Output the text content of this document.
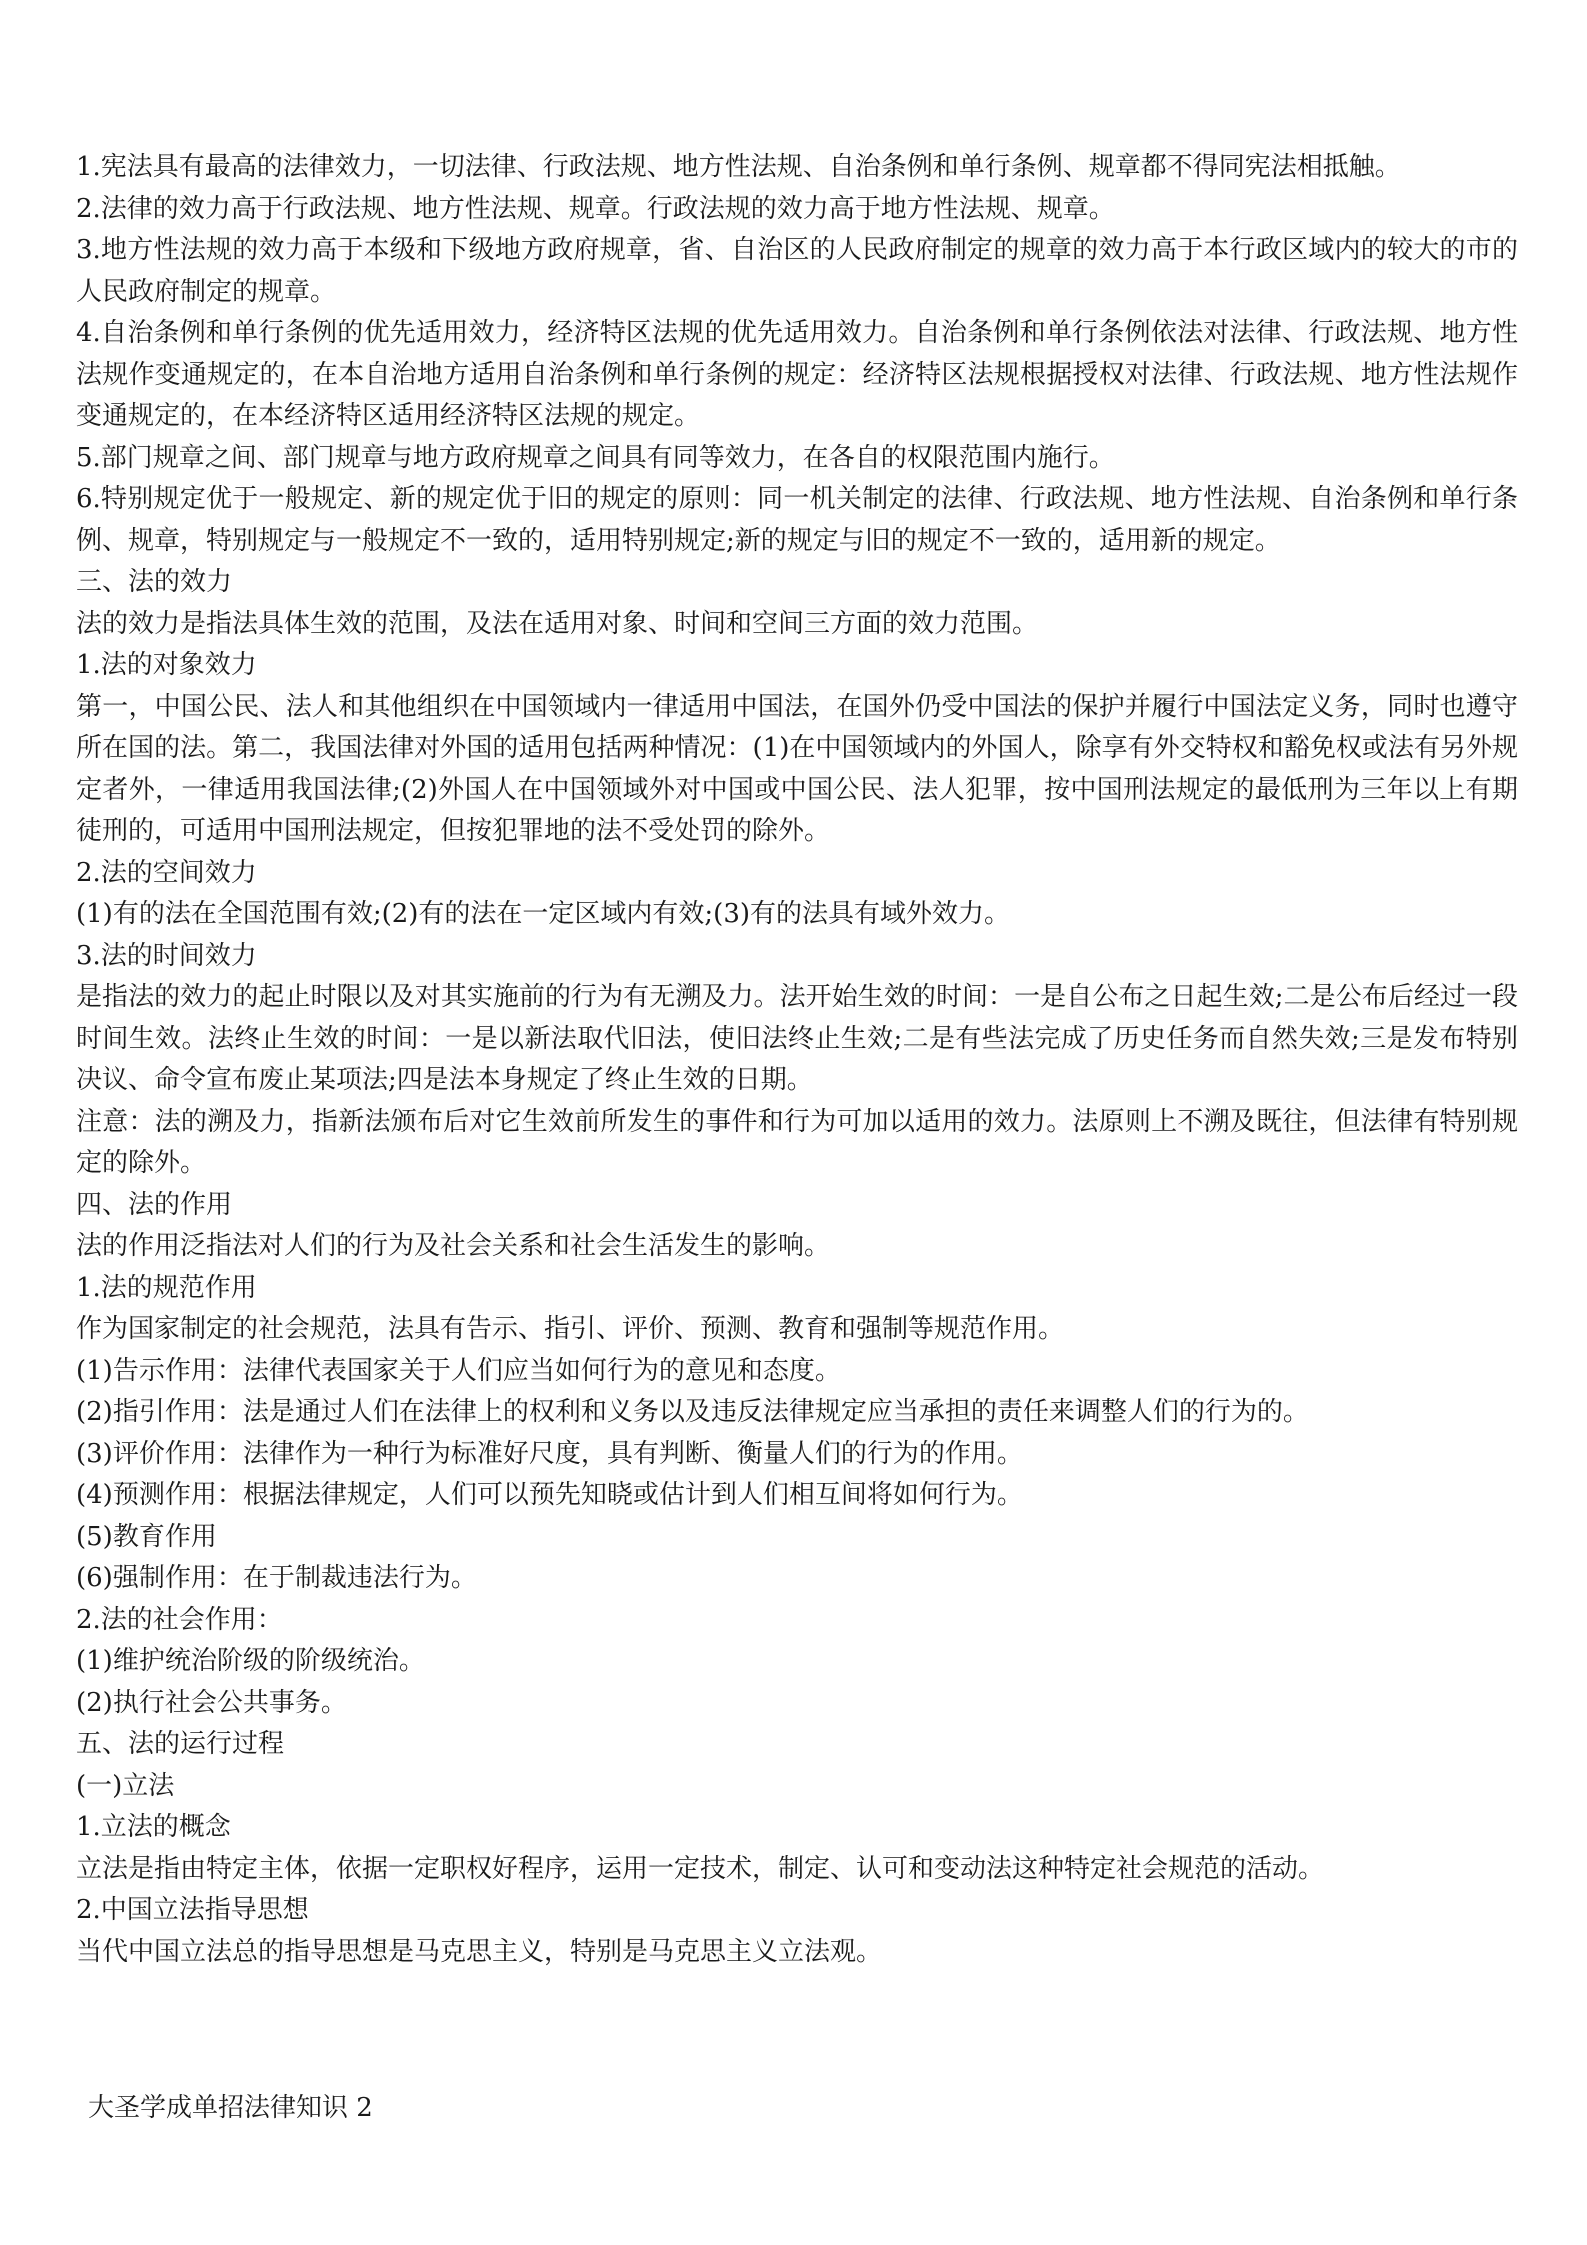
1.宪法具有最高的法律效力，一切法律、行政法规、地方性法规、自治条例和单行条例、规章都不得同宪法相抵触。

2.法律的效力高于行政法规、地方性法规、规章。行政法规的效力高于地方性法规、规章。

3.地方性法规的效力高于本级和下级地方政府规章，省、自治区的人民政府制定的规章的效力高于本行政区域内的较大的市的人民政府制定的规章。

4.自治条例和单行条例的优先适用效力，经济特区法规的优先适用效力。自治条例和单行条例依法对法律、行政法规、地方性法规作变通规定的，在本自治地方适用自治条例和单行条例的规定：经济特区法规根据授权对法律、行政法规、地方性法规作变通规定的，在本经济特区适用经济特区法规的规定。

5.部门规章之间、部门规章与地方政府规章之间具有同等效力，在各自的权限范围内施行。

6.特别规定优于一般规定、新的规定优于旧的规定的原则：同一机关制定的法律、行政法规、地方性法规、自治条例和单行条例、规章，特别规定与一般规定不一致的，适用特别规定;新的规定与旧的规定不一致的，适用新的规定。

三、法的效力

法的效力是指法具体生效的范围，及法在适用对象、时间和空间三方面的效力范围。

1.法的对象效力

第一，中国公民、法人和其他组织在中国领域内一律适用中国法，在国外仍受中国法的保护并履行中国法定义务，同时也遵守所在国的法。第二，我国法律对外国的适用包括两种情况：(1)在中国领域内的外国人，除享有外交特权和豁免权或法有另外规定者外，一律适用我国法律;(2)外国人在中国领域外对中国或中国公民、法人犯罪，按中国刑法规定的最低刑为三年以上有期徒刑的，可适用中国刑法规定，但按犯罪地的法不受处罚的除外。

2.法的空间效力

(1)有的法在全国范围有效;(2)有的法在一定区域内有效;(3)有的法具有域外效力。

3.法的时间效力

是指法的效力的起止时限以及对其实施前的行为有无溯及力。法开始生效的时间：一是自公布之日起生效;二是公布后经过一段时间生效。法终止生效的时间：一是以新法取代旧法，使旧法终止生效;二是有些法完成了历史任务而自然失效;三是发布特别决议、命令宣布废止某项法;四是法本身规定了终止生效的日期。

注意：法的溯及力，指新法颁布后对它生效前所发生的事件和行为可加以适用的效力。法原则上不溯及既往，但法律有特别规定的除外。

四、法的作用

法的作用泛指法对人们的行为及社会关系和社会生活发生的影响。

1.法的规范作用

作为国家制定的社会规范，法具有告示、指引、评价、预测、教育和强制等规范作用。

(1)告示作用：法律代表国家关于人们应当如何行为的意见和态度。

(2)指引作用：法是通过人们在法律上的权利和义务以及违反法律规定应当承担的责任来调整人们的行为的。

(3)评价作用：法律作为一种行为标准好尺度，具有判断、衡量人们的行为的作用。

(4)预测作用：根据法律规定，人们可以预先知晓或估计到人们相互间将如何行为。

(5)教育作用

(6)强制作用：在于制裁违法行为。

2.法的社会作用：

(1)维护统治阶级的阶级统治。

(2)执行社会公共事务。

五、法的运行过程

(一)立法

1.立法的概念

立法是指由特定主体，依据一定职权好程序，运用一定技术，制定、认可和变动法这种特定社会规范的活动。

2.中国立法指导思想

当代中国立法总的指导思想是马克思主义，特别是马克思主义立法观。

大圣学成单招法律知识 2
